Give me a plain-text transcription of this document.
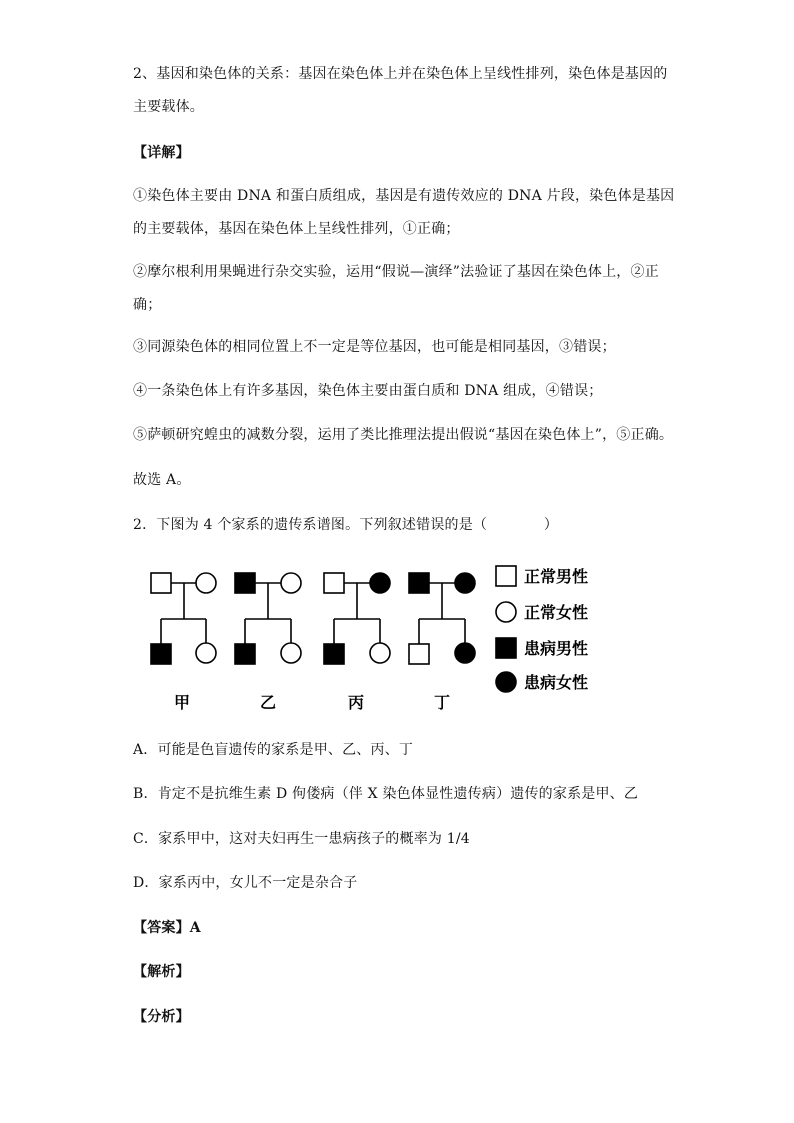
2、基因和染色体的关系：基因在染色体上并在染色体上呈线性排列，染色体是基因的
主要载体。
【详解】
①染色体主要由 DNA 和蛋白质组成，基因是有遗传效应的 DNA 片段，染色体是基因
的主要载体，基因在染色体上呈线性排列，①正确；
②摩尔根利用果蝇进行杂交实验，运用“假说—演绎”法验证了基因在染色体上，②正
确；
③同源染色体的相同位置上不一定是等位基因，也可能是相同基因，③错误；
④一条染色体上有许多基因，染色体主要由蛋白质和 DNA 组成，④错误；
⑤萨顿研究蝗虫的减数分裂，运用了类比推理法提出假说“基因在染色体上”，⑤正确。
故选 A。
2．下图为 4 个家系的遗传系谱图。下列叙述错误的是（　　　　）
正常男性
正常女性
患病男性
患病女性
甲	乙	丙	丁
A．可能是色盲遗传的家系是甲、乙、丙、丁
B．肯定不是抗维生素 D 佝偻病（伴 X 染色体显性遗传病）遗传的家系是甲、乙
C．家系甲中，这对夫妇再生一患病孩子的概率为 1/4
D．家系丙中，女儿不一定是杂合子
【答案】A
【解析】
【分析】
